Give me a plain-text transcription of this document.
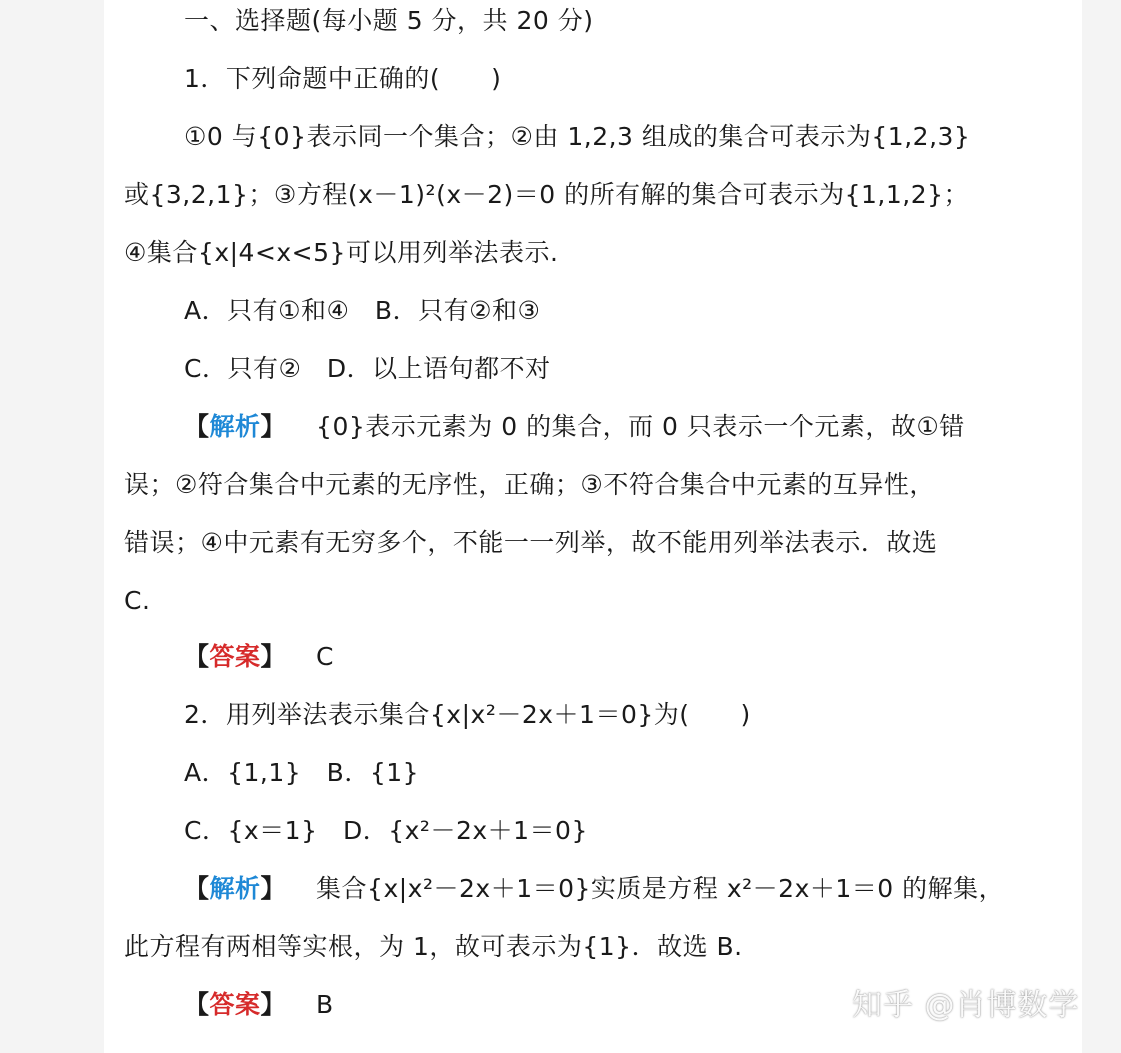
一、选择题(每小题 5 分，共 20 分)
1．下列命题中正确的(　　)
①0 与{0}表示同一个集合；②由 1,2,3 组成的集合可表示为{1,2,3}
或{3,2,1}；③方程(x－1)²(x－2)＝0 的所有解的集合可表示为{1,1,2}；
④集合{x|4<x<5}可以用列举法表示.
A．只有①和④　B．只有②和③
C．只有②　D．以上语句都不对
【解析】 {0}表示元素为 0 的集合，而 0 只表示一个元素，故①错
误；②符合集合中元素的无序性，正确；③不符合集合中元素的互异性，
错误；④中元素有无穷多个，不能一一列举，故不能用列举法表示．故选
C.
【答案】 C
2．用列举法表示集合{x|x²－2x＋1＝0}为(　　)
A．{1,1}　B．{1}
C．{x＝1}　D．{x²－2x＋1＝0}
【解析】 集合{x|x²－2x＋1＝0}实质是方程 x²－2x＋1＝0 的解集，
此方程有两相等实根，为 1，故可表示为{1}．故选 B.
【答案】 B	知乎 @肖博数学
